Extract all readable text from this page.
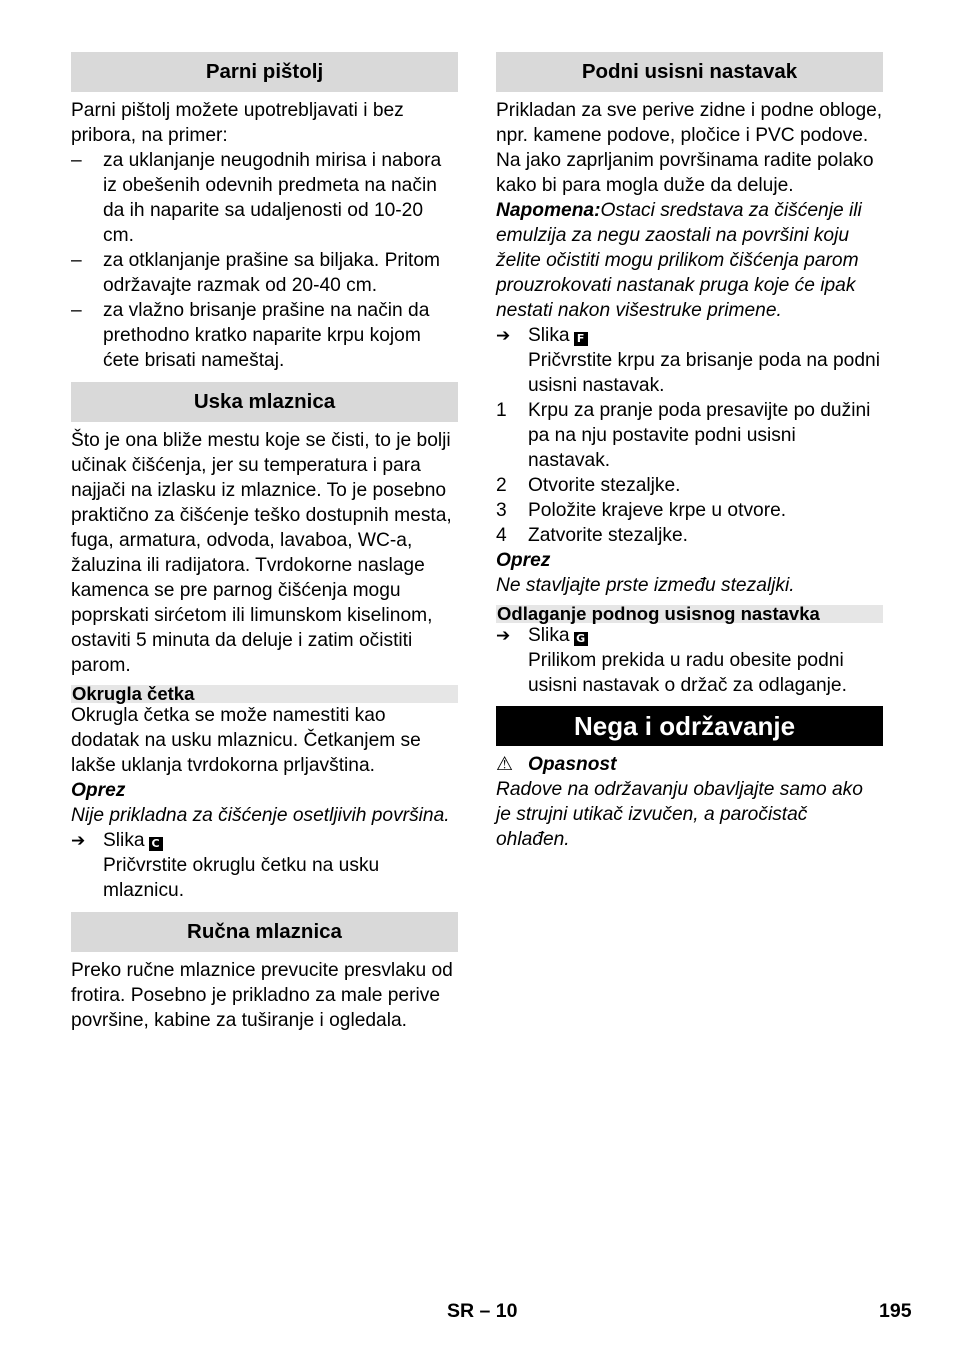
Parni pištolj

Parni pištolj možete upotrebljavati i bez pribora, na primer:

–	za uklanjanje neugodnih mirisa i nabora iz obešenih odevnih predmeta na način da ih naparite sa udaljenosti od 10-20 cm.
–	za otklanjanje prašine sa biljaka. Pritom održavajte razmak od 20-40 cm.
–	za vlažno brisanje prašine na način da prethodno kratko naparite krpu kojom ćete brisati nameštaj.
Uska mlaznica

Što je ona bliže mestu koje se čisti, to je bolji učinak čišćenja, jer su temperatura i para najjači na izlasku iz mlaznice. To je posebno praktično za čišćenje teško dostupnih mesta, fuga, armatura, odvoda, lavaboa, WC-a, žaluzina ili radijatora. Tvrdokorne naslage kamenca se pre parnog čišćenja mogu poprskati sirćetom ili limunskom kiselinom, ostaviti 5 minuta da deluje i zatim očistiti parom.

Okrugla četka

Okrugla četka se može namestiti kao dodatak na usku mlaznicu. Četkanjem se lakše uklanja tvrdokorna prljavština.

Oprez

Nije prikladna za čišćenje osetljivih površina.

➔ Slika C
Pričvrstite okruglu četku na usku mlaznicu.
Ručna mlaznica

Preko ručne mlaznice prevucite presvlaku od frotira. Posebno je prikladno za male perive površine, kabine za tuširanje i ogledala.

Podni usisni nastavak

Prikladan za sve perive zidne i podne obloge, npr. kamene podove, pločice i PVC podove. Na jako zaprljanim površinama radite polako kako bi para mogla duže da deluje.

Napomena:Ostaci sredstava za čišćenje ili emulzija za negu zaostali na površini koju želite očistiti mogu prilikom čišćenja parom prouzrokovati nastanak pruga koje će ipak nestati nakon višestruke primene.

➔ Slika F
Pričvrstite krpu za brisanje poda na podni usisni nastavak.
1	Krpu za pranje poda presavijte po dužini pa na nju postavite podni usisni nastavak.
2	Otvorite stezaljke.
3	Položite krajeve krpe u otvore.
4	Zatvorite stezaljke.

Oprez

Ne stavljajte prste između stezaljki.

Odlaganje podnog usisnog nastavka
➔ Slika G
Prilikom prekida u radu obesite podni usisni nastavak o držač za odlaganje.
Nega i održavanje

⚠ Opasnost

Radove na održavanju obavljajte samo ako je strujni utikač izvučen, a paročistač ohlađen.

SR – 10	195
